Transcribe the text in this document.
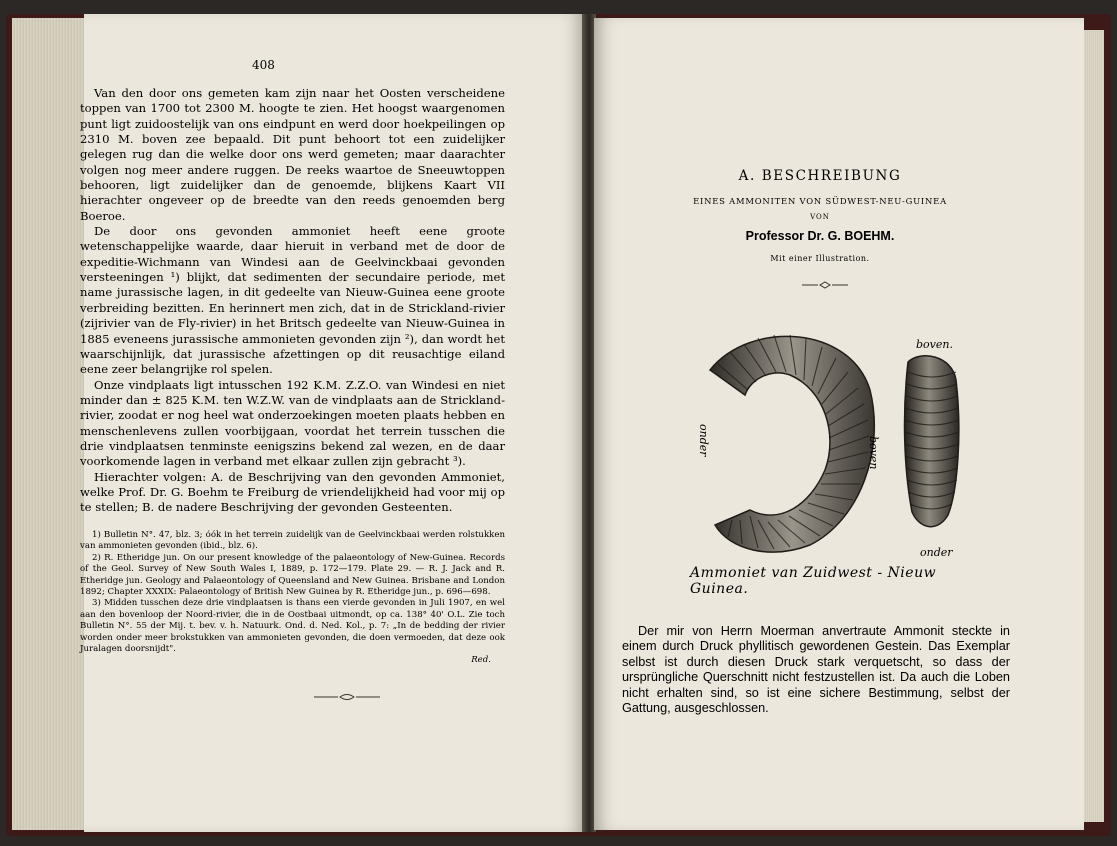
408

Van den door ons gemeten kam zijn naar het Oosten verscheidene toppen van 1700 tot 2300 M. hoogte te zien. Het hoogst waargenomen punt ligt zuidoostelijk van ons eindpunt en werd door hoekpeilingen op 2310 M. boven zee bepaald. Dit punt behoort tot een zuidelijker gelegen rug dan die welke door ons werd gemeten; maar daarachter volgen nog meer andere ruggen. De reeks waartoe de Sneeuwtoppen behooren, ligt zuidelijker dan de genoemde, blijkens Kaart VII hierachter ongeveer op de breedte van den reeds genoemden berg Boeroe.

De door ons gevonden ammoniet heeft eene groote wetenschappelijke waarde, daar hieruit in verband met de door de expeditie-Wichmann van Windesi aan de Geelvinckbaai gevonden versteeningen ¹) blijkt, dat sedimenten der secundaire periode, met name jurassische lagen, in dit gedeelte van Nieuw-Guinea eene groote verbreiding bezitten. En herinnert men zich, dat in de Strickland-rivier (zijrivier van de Fly-rivier) in het Britsch gedeelte van Nieuw-Guinea in 1885 eveneens jurassische ammonieten gevonden zijn ²), dan wordt het waarschijnlijk, dat jurassische afzettingen op dit reusachtige eiland eene zeer belangrijke rol spelen.

Onze vindplaats ligt intusschen 192 K.M. Z.Z.O. van Windesi en niet minder dan ± 825 K.M. ten W.Z.W. van de vindplaats aan de Strickland-rivier, zoodat er nog heel wat onderzoekingen moeten plaats hebben en menschenlevens zullen voorbijgaan, voordat het terrein tusschen die drie vindplaatsen tenminste eenigszins bekend zal wezen, en de daar voorkomende lagen in verband met elkaar zullen zijn gebracht ³).

Hierachter volgen: A. de Beschrijving van den gevonden Ammoniet, welke Prof. Dr. G. Boehm te Freiburg de vriendelijkheid had voor mij op te stellen; B. de nadere Beschrijving der gevonden Gesteenten.

1) Bulletin N°. 47, blz. 3; óók in het terrein zuidelijk van de Geelvinckbaai werden rolstukken van ammonieten gevonden (ibid., blz. 6).

2) R. Etheridge jun. On our present knowledge of the palaeontology of New-Guinea. Records of the Geol. Survey of New South Wales I, 1889, p. 172—179. Plate 29. — R. J. Jack and R. Etheridge jun. Geology and Palaeontology of Queensland and New Guinea. Brisbane and London 1892; Chapter XXXIX: Palaeontology of British New Guinea by R. Etheridge jun., p. 696—698.

3) Midden tusschen deze drie vindplaatsen is thans een vierde gevonden in Juli 1907, en wel aan den bovenloop der Noord-rivier, die in de Oostbaai uitmondt, op ca. 138° 40' O.L. Zie toch Bulletin N°. 55 der Mij. t. bev. v. h. Natuurk. Ond. d. Ned. Kol., p. 7: „In de bedding der rivier worden onder meer brokstukken van ammonieten gevonden, die doen vermoeden, dat deze ook Juralagen doorsnijdt".

Red.

A. BESCHREIBUNG
EINES AMMONITEN VON SÜDWEST-NEU-GUINEA
VON
Professor Dr. G. BOEHM.
Mit einer Illustration.
boven.
onder	boven
onder
Ammoniet van Zuidwest - Nieuw Guinea.

Der mir von Herrn Moerman anvertraute Ammonit steckte in einem durch Druck phyllitisch gewordenen Gestein. Das Exemplar selbst ist durch diesen Druck stark verquetscht, so dass der ursprüngliche Querschnitt nicht festzustellen ist. Da auch die Loben nicht erhalten sind, so ist eine sichere Bestimmung, selbst der Gattung, ausgeschlossen.
